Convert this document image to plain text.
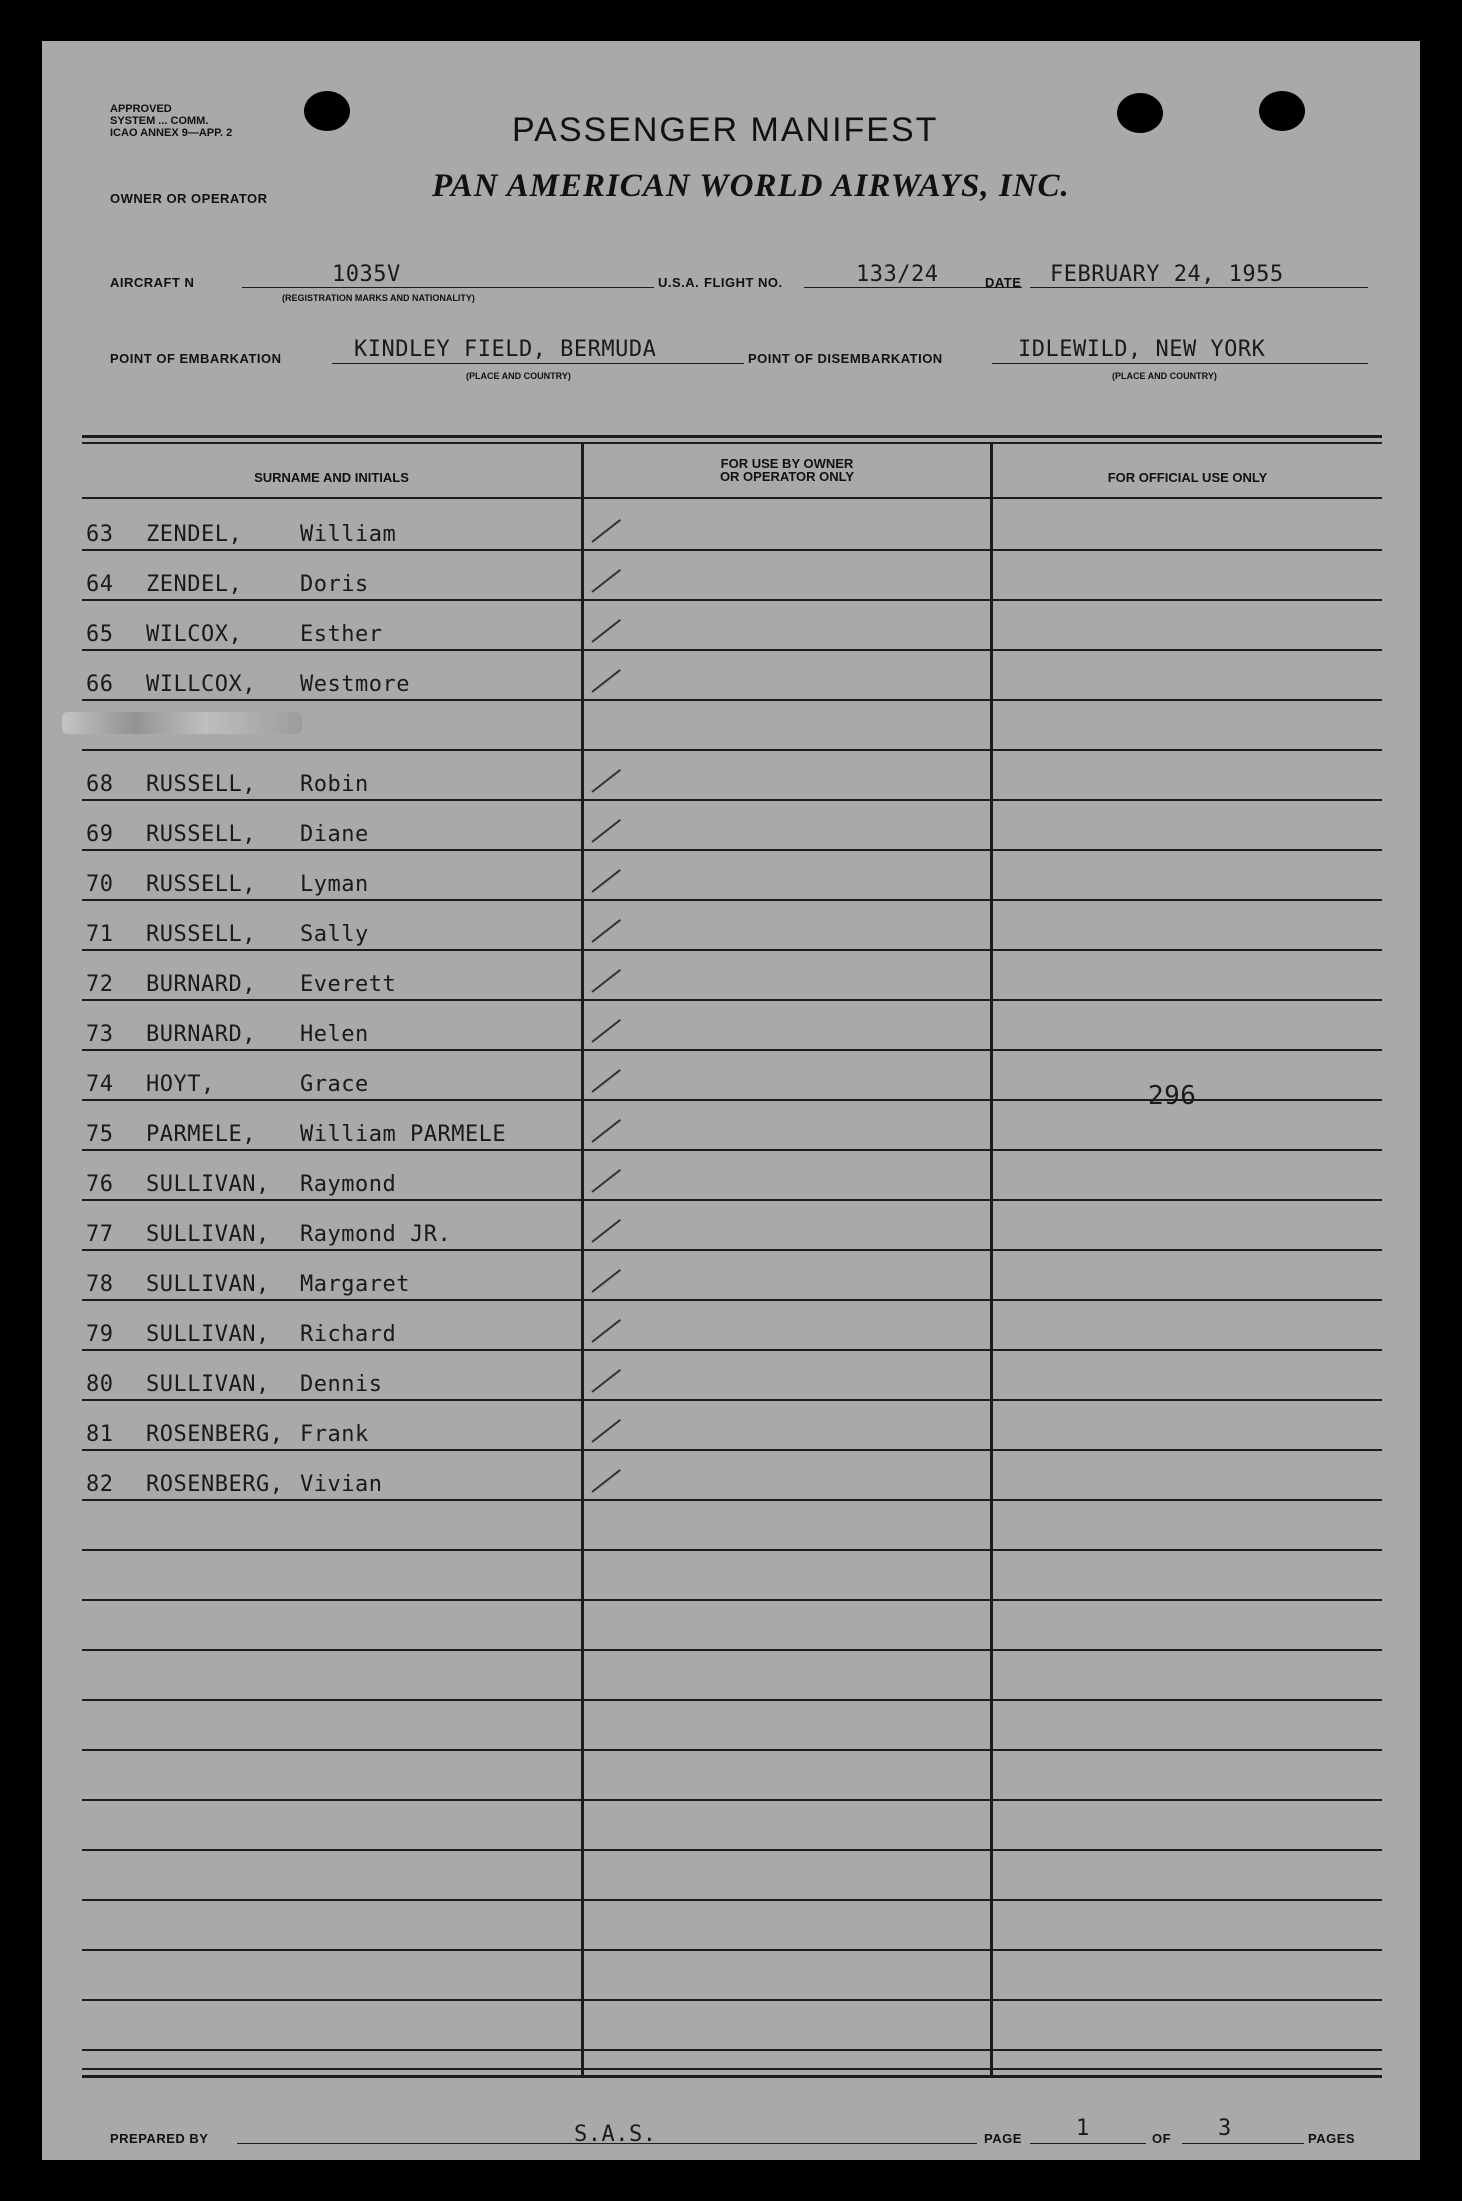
APPROVED
SYSTEM ... COMM.
ICAO ANNEX 9—APP. 2	PASSENGER MANIFEST
OWNER OR OPERATOR	PAN AMERICAN WORLD AIRWAYS, INC.
AIRCRAFT N	1035V
(REGISTRATION MARKS AND NATIONALITY)
U.S.A. FLIGHT NO.	133/24	DATE FEBRUARY 24, 1955
POINT OF EMBARKATION	KINDLEY FIELD, BERMUDA
(PLACE AND COUNTRY)
POINT OF DISEMBARKATION	IDLEWILD, NEW YORK
(PLACE AND COUNTRY)
SURNAME AND INITIALS
FOR USE BY OWNER
OR OPERATOR ONLY	FOR OFFICIAL USE ONLY
63 ZENDEL,	William
64 ZENDEL,	Doris
65 WILCOX,	Esther
66 WILLCOX, Westmore
68 RUSSELL, Robin
69 RUSSELL, Diane
70 RUSSELL, Lyman
71 RUSSELL, Sally
72 BURNARD, Everett
73 BURNARD, Helen
74 HOYT,	Grace
75 PARMELE, William PARMELE
76 SULLIVAN, Raymond
77 SULLIVAN, Raymond JR.
78 SULLIVAN, Margaret
79 SULLIVAN, Richard
80 SULLIVAN, Dennis
81 ROSENBERG, Frank
82 ROSENBERG, Vivian
296
PREPARED BY	S.A.S.	PAGE 1	OF 3	PAGES
